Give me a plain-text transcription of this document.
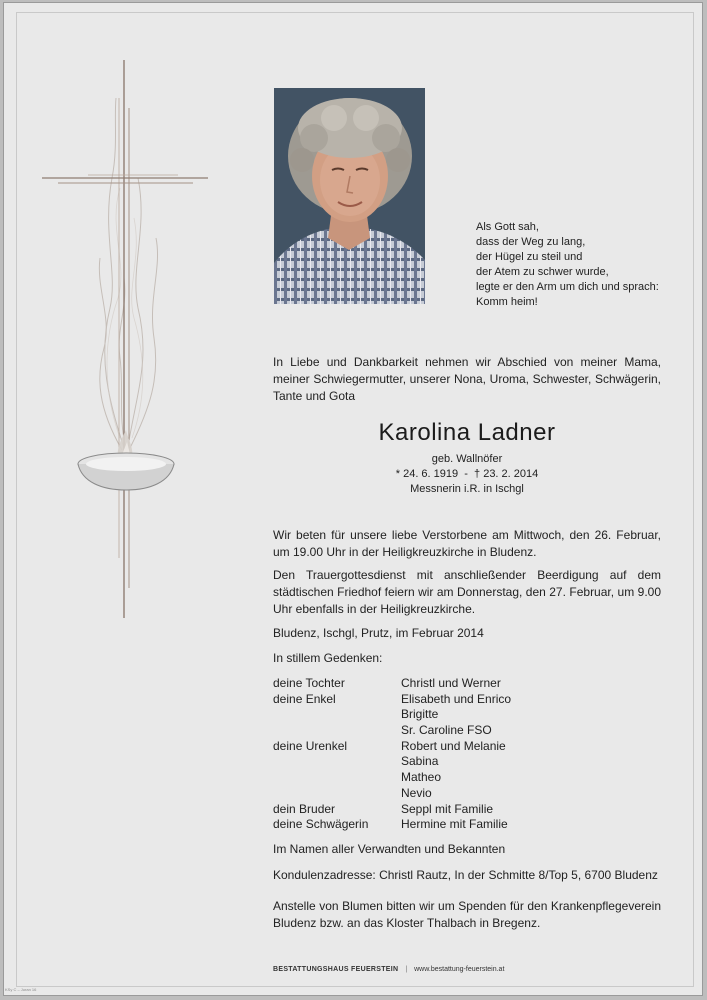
Als Gott sah,
dass der Weg zu lang,
der Hügel zu steil und
der Atem zu schwer wurde,
legte er den Arm um dich und sprach:
Komm heim!
In Liebe und Dankbarkeit nehmen wir Abschied von meiner Mama, meiner Schwiegermutter, unserer Nona, Uroma, Schwester, Schwägerin, Tante und Gota
Karolina Ladner
geb. Wallnöfer
* 24. 6. 1919  -  † 23. 2. 2014
Messnerin i.R. in Ischgl
Wir beten für unsere liebe Verstorbene am Mittwoch, den 26. Februar, um 19.00 Uhr in der Heiligkreuzkirche in Bludenz.
Den Trauergottesdienst mit anschließender Beerdigung auf dem städtischen Friedhof feiern wir am Donnerstag, den 27. Februar, um 9.00 Uhr ebenfalls in der Heiligkreuzkirche.
Bludenz, Ischgl, Prutz, im Februar 2014
In stillem Gedenken:
deine Tochter	Christl und Werner
deine Enkel	Elisabeth und Enrico
Brigitte
Sr. Caroline FSO
deine Urenkel	Robert und Melanie
Sabina
Matheo
Nevio
dein Bruder	Seppl mit Familie
deine Schwägerin	Hermine mit Familie
Im Namen aller Verwandten und Bekannten
Kondulenzadresse: Christl Rautz, In der Schmitte 8/Top 5, 6700 Bludenz
Anstelle von Blumen bitten wir um Spenden für den Krankenpflegeverein Bludenz bzw. an das Kloster Thalbach in Bregenz.
BESTATTUNGSHAUS FEUERSTEIN | www.bestattung-feuerstein.at
KSy C – Juran 16
